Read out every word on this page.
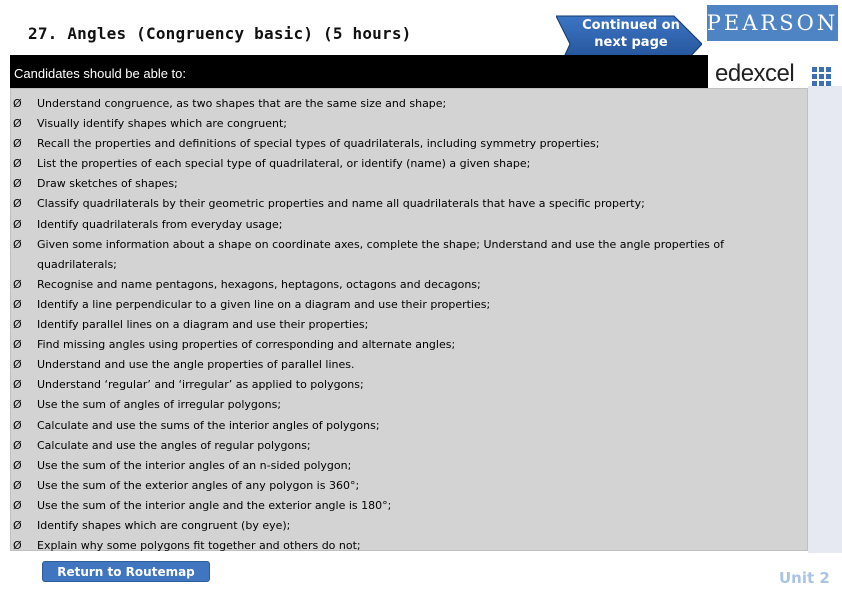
27. Angles (Congruency basic) (5 hours)	Continued on next page
PEARSON
Candidates should be able to:	edexcel
Ø Understand congruence, as two shapes that are the same size and shape;
Ø Visually identify shapes which are congruent;
Ø Recall the properties and definitions of special types of quadrilaterals, including symmetry properties;
Ø List the properties of each special type of quadrilateral, or identify (name) a given shape;
Ø Draw sketches of shapes;
Ø Classify quadrilaterals by their geometric properties and name all quadrilaterals that have a specific property;
Ø Identify quadrilaterals from everyday usage;
Ø Given some information about a shape on coordinate axes, complete the shape; Understand and use the angle properties of quadrilaterals;
Ø Recognise and name pentagons, hexagons, heptagons, octagons and decagons;
Ø Identify a line perpendicular to a given line on a diagram and use their properties;
Ø Identify parallel lines on a diagram and use their properties;
Ø Find missing angles using properties of corresponding and alternate angles;
Ø Understand and use the angle properties of parallel lines.
Ø Understand ‘regular’ and ‘irregular’ as applied to polygons;
Ø Use the sum of angles of irregular polygons;
Ø Calculate and use the sums of the interior angles of polygons;
Ø Calculate and use the angles of regular polygons;
Ø Use the sum of the interior angles of an n-sided polygon;
Ø Use the sum of the exterior angles of any polygon is 360°;
Ø Use the sum of the interior angle and the exterior angle is 180°;
Ø Identify shapes which are congruent (by eye);
Ø Explain why some polygons fit together and others do not;
Return to Routemap	Unit 2
